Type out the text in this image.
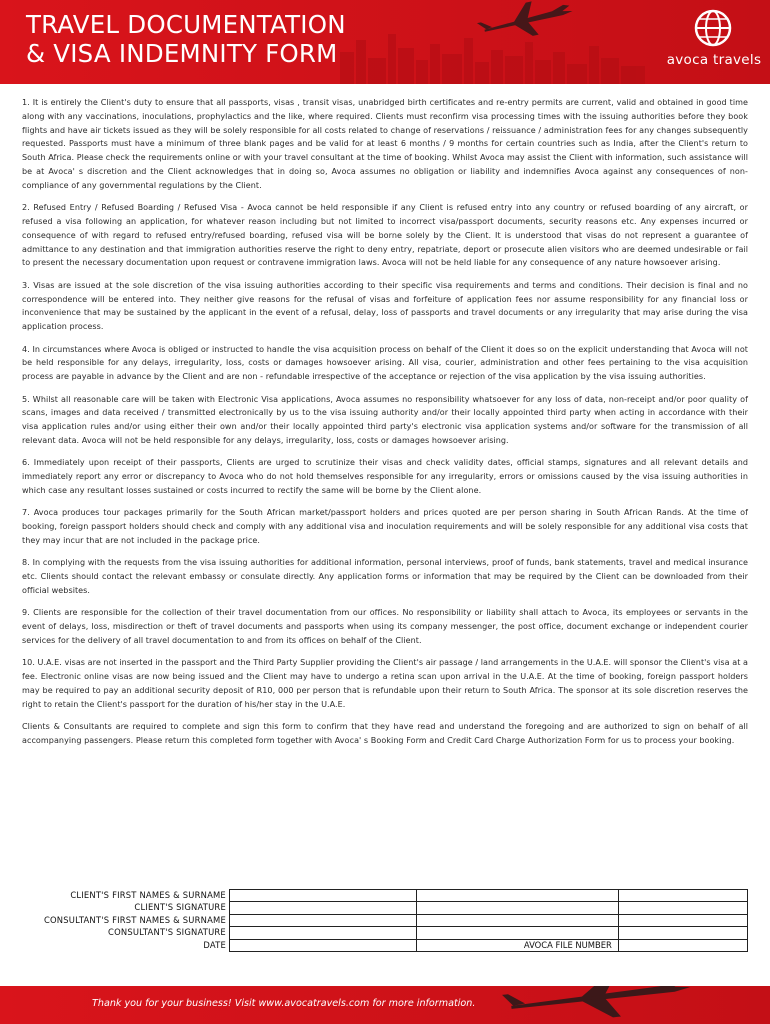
TRAVEL DOCUMENTATION
& VISA INDEMNITY FORM	avoca travels

1. It is entirely the Client's duty to ensure that all passports, visas , transit visas, unabridged birth certificates and re-entry permits are current, valid and obtained in good time along with any vaccinations, inoculations, prophylactics and the like, where required. Clients must reconfirm visa processing times with the issuing authorities before they book flights and have air tickets issued as they will be solely responsible for all costs related to change of reservations / reissuance / administration fees for any changes subsequently requested. Passports must have a minimum of three blank pages and be valid for at least 6 months / 9 months for certain countries such as India, after the Client's return to South Africa. Please check the requirements online or with your travel consultant at the time of booking. Whilst Avoca may assist the Client with information, such assistance will be at Avoca' s discretion and the Client acknowledges that in doing so, Avoca assumes no obligation or liability and indemnifies Avoca against any consequences of non-compliance of any governmental regulations by the Client.

2. Refused Entry / Refused Boarding / Refused Visa - Avoca cannot be held responsible if any Client is refused entry into any country or refused boarding of any aircraft, or refused a visa following an application, for whatever reason including but not limited to incorrect visa/passport documents, security reasons etc. Any expenses incurred or consequence of with regard to refused entry/refused boarding, refused visa will be borne solely by the Client. It is understood that visas do not represent a guarantee of admittance to any destination and that immigration authorities reserve the right to deny entry, repatriate, deport or prosecute alien visitors who are deemed undesirable or fail to present the necessary documentation upon request or contravene immigration laws. Avoca will not be held liable for any consequence of any nature howsoever arising.

3. Visas are issued at the sole discretion of the visa issuing authorities according to their specific visa requirements and terms and conditions. Their decision is final and no correspondence will be entered into. They neither give reasons for the refusal of visas and forfeiture of application fees nor assume responsibility for any financial loss or inconvenience that may be sustained by the applicant in the event of a refusal, delay, loss of passports and travel documents or any irregularity that may arise during the visa application process.

4. In circumstances where Avoca is obliged or instructed to handle the visa acquisition process on behalf of the Client it does so on the explicit understanding that Avoca will not be held responsible for any delays, irregularity, loss, costs or damages howsoever arising. All visa, courier, administration and other fees pertaining to the visa acquisition process are payable in advance by the Client and are non - refundable irrespective of the acceptance or rejection of the visa application by the visa issuing authorities.

5. Whilst all reasonable care will be taken with Electronic Visa applications, Avoca assumes no responsibility whatsoever for any loss of data, non-receipt and/or poor quality of scans, images and data received / transmitted electronically by us to the visa issuing authority and/or their locally appointed third party when acting in accordance with their visa application rules and/or using either their own and/or their locally appointed third party's electronic visa application systems and/or software for the transmission of all relevant data. Avoca will not be held responsible for any delays, irregularity, loss, costs or damages howsoever arising.

6. Immediately upon receipt of their passports, Clients are urged to scrutinize their visas and check validity dates, official stamps, signatures and all relevant details and immediately report any error or discrepancy to Avoca who do not hold themselves responsible for any irregularity, errors or omissions caused by the visa issuing authorities in which case any resultant losses sustained or costs incurred to rectify the same will be borne by the Client alone.

7. Avoca produces tour packages primarily for the South African market/passport holders and prices quoted are per person sharing in South African Rands. At the time of booking, foreign passport holders should check and comply with any additional visa and inoculation requirements and will be solely responsible for any additional visa costs that they may incur that are not included in the package price.

8. In complying with the requests from the visa issuing authorities for additional information, personal interviews, proof of funds, bank statements, travel and medical insurance etc. Clients should contact the relevant embassy or consulate directly. Any application forms or information that may be required by the Client can be downloaded from their official websites.

9. Clients are responsible for the collection of their travel documentation from our offices. No responsibility or liability shall attach to Avoca, its employees or servants in the event of delays, loss, misdirection or theft of travel documents and passports when using its company messenger, the post office, document exchange or independent courier services for the delivery of all travel documentation to and from its offices on behalf of the Client.

10. U.A.E. visas are not inserted in the passport and the Third Party Supplier providing the Client's air passage / land arrangements in the U.A.E. will sponsor the Client's visa at a fee. Electronic online visas are now being issued and the Client may have to undergo a retina scan upon arrival in the U.A.E. At the time of booking, foreign passport holders may be required to pay an additional security deposit of R10, 000 per person that is refundable upon their return to South Africa. The sponsor at its sole discretion reserves the right to retain the Client's passport for the duration of his/her stay in the U.A.E.

Clients & Consultants are required to complete and sign this form to confirm that they have read and understand the foregoing and are authorized to sign on behalf of all accompanying passengers. Please return this completed form together with Avoca' s Booking Form and Credit Card Charge Authorization Form for us to process your booking.

CLIENT'S FIRST NAMES & SURNAME
CLIENT'S SIGNATURE
CONSULTANT'S FIRST NAMES & SURNAME
CONSULTANT'S SIGNATURE
DATE	AVOCA FILE NUMBER
Thank you for your business! Visit www.avocatravels.com for more information.
